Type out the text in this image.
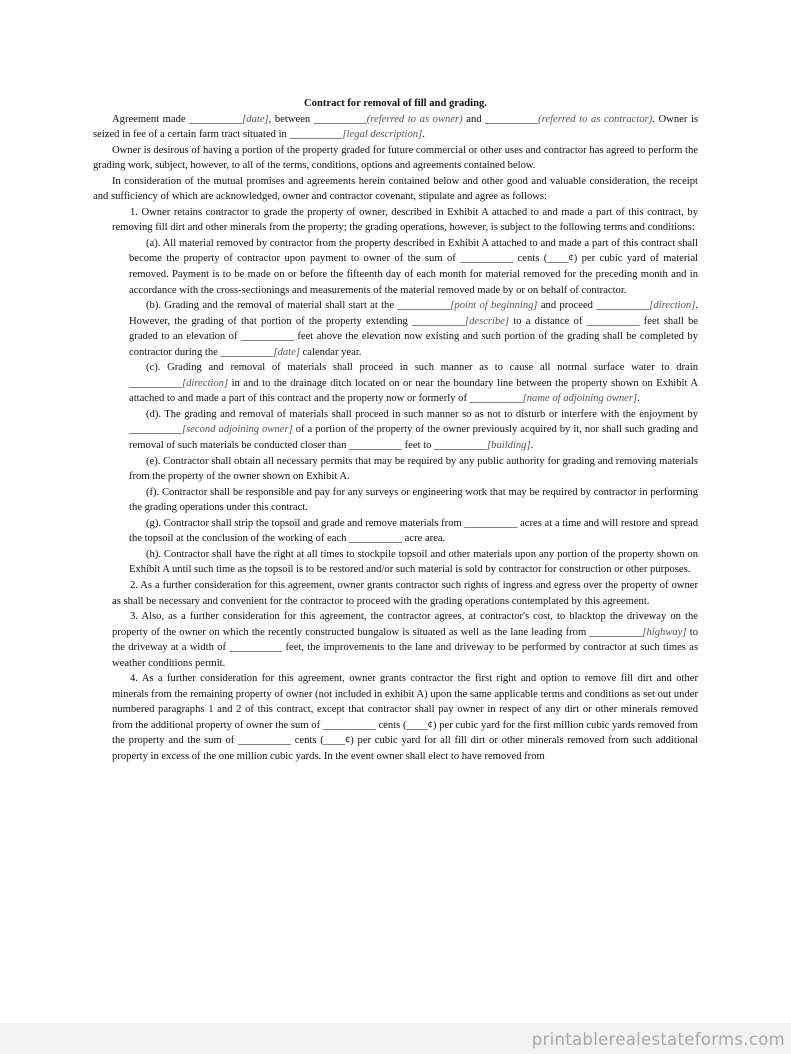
Contract for removal of fill and grading.

Agreement made __________[date], between __________(referred to as owner) and __________(referred to as contractor). Owner is seized in fee of a certain farm tract situated in __________[legal description].

Owner is desirous of having a portion of the property graded for future commercial or other uses and contractor has agreed to perform the grading work, subject, however, to all of the terms, conditions, options and agreements contained below.

In consideration of the mutual promises and agreements herein contained below and other good and valuable consideration, the receipt and sufficiency of which are acknowledged, owner and contractor covenant, stipulate and agree as follows:

1. Owner retains contractor to grade the property of owner, described in Exhibit A attached to and made a part of this contract, by removing fill dirt and other minerals from the property; the grading operations, however, is subject to the following terms and conditions:

(a). All material removed by contractor from the property described in Exhibit A attached to and made a part of this contract shall become the property of contractor upon payment to owner of the sum of __________ cents (____¢) per cubic yard of material removed. Payment is to be made on or before the fifteenth day of each month for material removed for the preceding month and in accordance with the cross-sectionings and measurements of the material removed made by or on behalf of contractor.

(b). Grading and the removal of material shall start at the __________[point of beginning] and proceed __________[direction]. However, the grading of that portion of the property extending __________[describe] to a distance of __________ feet shall be graded to an elevation of __________ feet above the elevation now existing and such portion of the grading shall be completed by contractor during the __________[date] calendar year.

(c). Grading and removal of materials shall proceed in such manner as to cause all normal surface water to drain __________[direction] in and to the drainage ditch located on or near the boundary line between the property shown on Exhibit A attached to and made a part of this contract and the property now or formerly of __________[name of adjoining owner].

(d). The grading and removal of materials shall proceed in such manner so as not to disturb or interfere with the enjoyment by __________[second adjoining owner] of a portion of the property of the owner previously acquired by it, nor shall such grading and removal of such materials be conducted closer than __________ feet to __________[building].

(e). Contractor shall obtain all necessary permits that may be required by any public authority for grading and removing materials from the property of the owner shown on Exhibit A.

(f). Contractor shall be responsible and pay for any surveys or engineering work that may be required by contractor in performing the grading operations under this contract.

(g). Contractor shall strip the topsoil and grade and remove materials from __________ acres at a time and will restore and spread the topsoil at the conclusion of the working of each __________ acre area.

(h). Contractor shall have the right at all times to stockpile topsoil and other materials upon any portion of the property shown on Exhibit A until such time as the topsoil is to be restored and/or such material is sold by contractor for construction or other purposes.

2. As a further consideration for this agreement, owner grants contractor such rights of ingress and egress over the property of owner as shall be necessary and convenient for the contractor to proceed with the grading operations contemplated by this agreement.

3. Also, as a further consideration for this agreement, the contractor agrees, at contractor's cost, to blacktop the driveway on the property of the owner on which the recently constructed bungalow is situated as well as the lane leading from __________[highway] to the driveway at a width of __________ feet, the improvements to the lane and driveway to be performed by contractor at such times as weather conditions permit.

4. As a further consideration for this agreement, owner grants contractor the first right and option to remove fill dirt and other minerals from the remaining property of owner (not included in exhibit A) upon the same applicable terms and conditions as set out under numbered paragraphs 1 and 2 of this contract, except that contractor shall pay owner in respect of any dirt or other minerals removed from the additional property of owner the sum of __________ cents (____¢) per cubic yard for the first million cubic yards removed from the property and the sum of __________ cents (____¢) per cubic yard for all fill dirt or other minerals removed from such additional property in excess of the one million cubic yards. In the event owner shall elect to have removed from

printablerealestateforms.com
